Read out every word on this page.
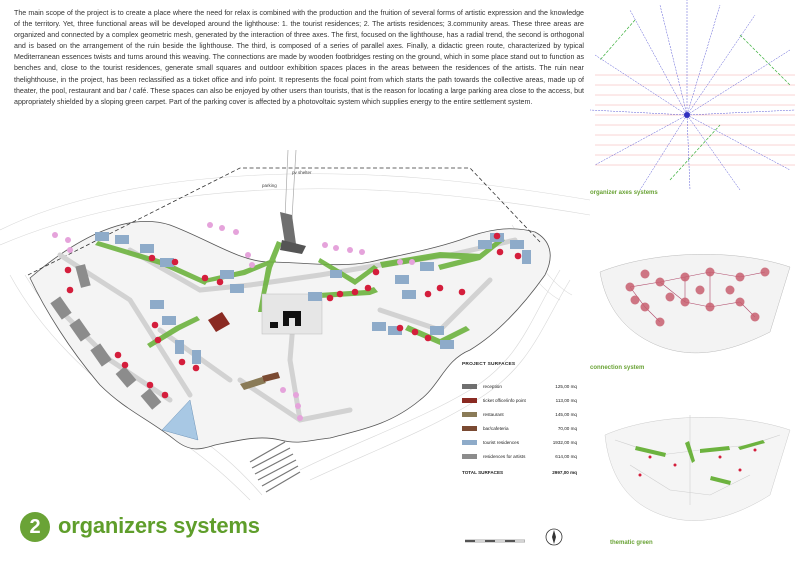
The main scope of the project is to create a place where the need for relax is combined with the production and the fruition of several forms of artistic expression and the knowledge of the territory. Yet, three functional areas will be developed around the lighthouse: 1. the tourist residences; 2. The artists residences; 3.community areas. These three areas are organized and connected by a complex geometric mesh, generated by the interaction of three axes. The first, focused on the lighthouse, has a radial trend, the second is orthogonal and is based on the arrangement of the ruin beside the lighthouse. The third, is composed of a series of parallel axes. Finally, a didactic green route, characterized by typical Mediterranean essences twists and turns around this weaving. The connections are made by wooden footbridges resting on the ground, which in some place stand out to function as benches and, close to the tourist residences, generate small squares and outdoor exhibition spaces places in the areas between the residences of the artists. The ruin near thelighthouse, in the project, has been reclassified as a ticket office and info point. It represents the focal point from which starts the path towards the collective areas, made up of theater, the pool, restaurant and bar / café. These spaces can also be enjoyed by other users than tourists, that is the reason for locating a large parking area close to the access, but appropriately shielded by a sloping green carpet. Part of the parking cover is affected by a photovoltaic system which supplies energy to the entire settlement system.

parking
pv shelter
PROJECT SURFACES
reception	125,00 mq
ticket office/info point	113,00 mq
restaurant	145,00 mq
bar/cafeteria	70,00 mq
tourist residences	1932,00 mq
residences for artists	614,00 mq
TOTAL SURFACES	2997,00 mq
2 organizers systems
organizer axes systems
connection system
thematic green
